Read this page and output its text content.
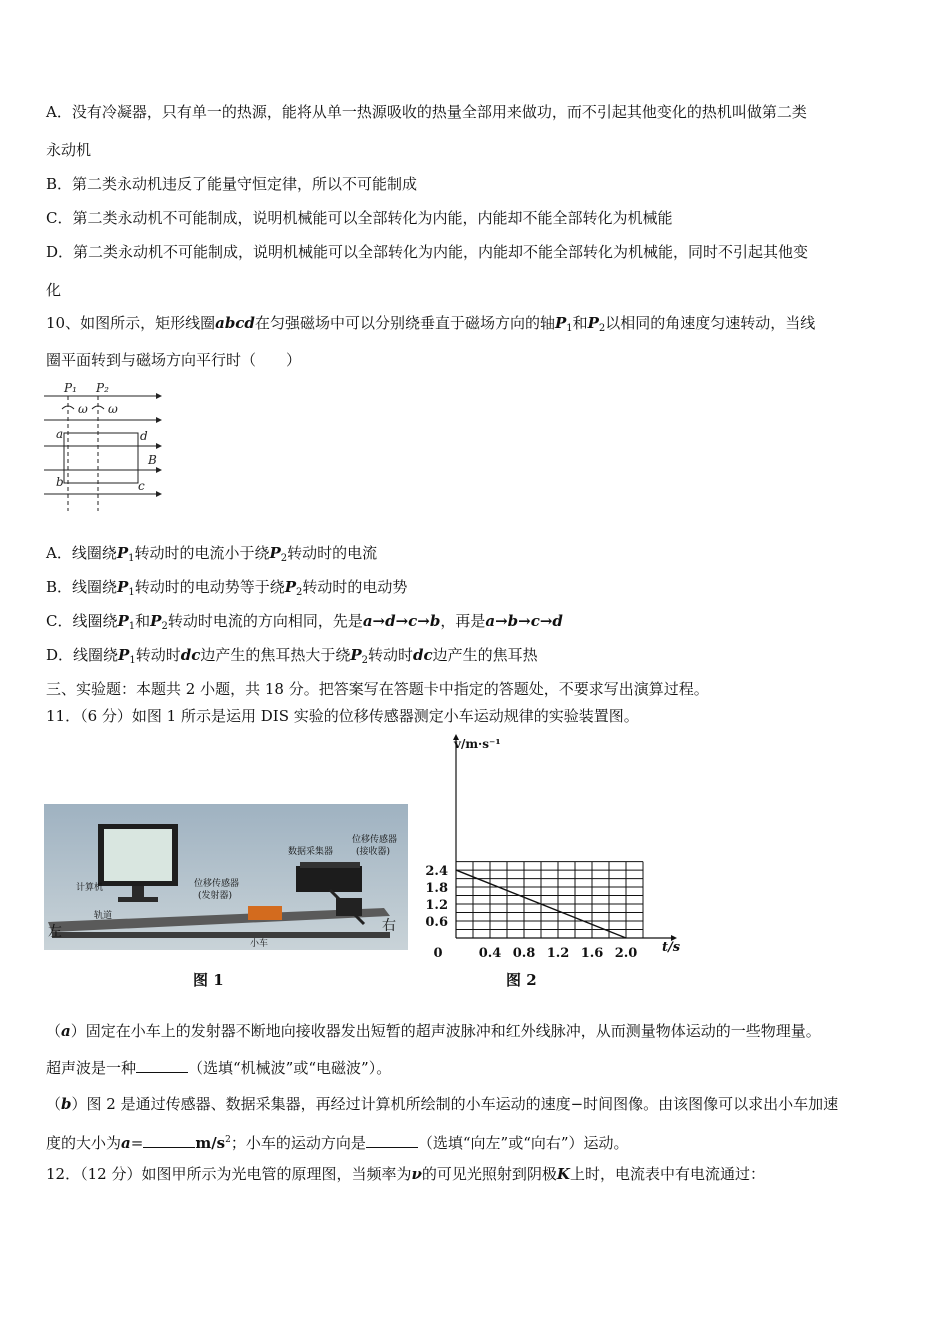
A．没有冷凝器，只有单一的热源，能将从单一热源吸收的热量全部用来做功，而不引起其他变化的热机叫做第二类
永动机
B．第二类永动机违反了能量守恒定律，所以不可能制成
C．第二类永动机不可能制成，说明机械能可以全部转化为内能，内能却不能全部转化为机械能
D．第二类永动机不可能制成，说明机械能可以全部转化为内能，内能却不能全部转化为机械能，同时不引起其他变
化
10、如图所示，矩形线圈abcd在匀强磁场中可以分别绕垂直于磁场方向的轴$P_1$和$P_2$以相同的角速度匀速转动，当线
圈平面转到与磁场方向平行时（　　）
P₁ P₂
ω ω
a	d
B
b	c
A．线圈绕$P_1$转动时的电流小于绕$P_2$转动时的电流
B．线圈绕$P_1$转动时的电动势等于绕$P_2$转动时的电动势
C．线圈绕$P_1$和$P_2$转动时电流的方向相同，先是a→d→c→b，再是a→b→c→d
D．线圈绕$P_1$转动时dc边产生的焦耳热大于绕$P_2$转动时dc边产生的焦耳热
三、实验题：本题共 2 小题，共 18 分。把答案写在答题卡中指定的答题处，不要求写出演算过程。
11．（6 分）如图 1 所示是运用 DIS 实验的位移传感器测定小车运动规律的实验装置图。
计算机
数据采集器
位移传感器
(接收器)
位移传感器
(发射器)
轨道
小车
左	右
图 1
0	0.4 0.8 1.2 1.6 2.0
0.6
1.2
1.8
2.4
v/m·s⁻¹
t/s
图 2
（a）固定在小车上的发射器不断地向接收器发出短暂的超声波脉冲和红外线脉冲，从而测量物体运动的一些物理量。
超声波是一种	（选填“机械波”或“电磁波”）。
（b）图 2 是通过传感器、数据采集器，再经过计算机所绘制的小车运动的速度−时间图像。由该图像可以求出小车加速
度的大小为a=	$m/s^2$；小车的运动方向是	（选填“向左”或“向右”）运动。
12．（12 分）如图甲所示为光电管的原理图，当频率为ν的可见光照射到阴极K上时，电流表中有电流通过：
